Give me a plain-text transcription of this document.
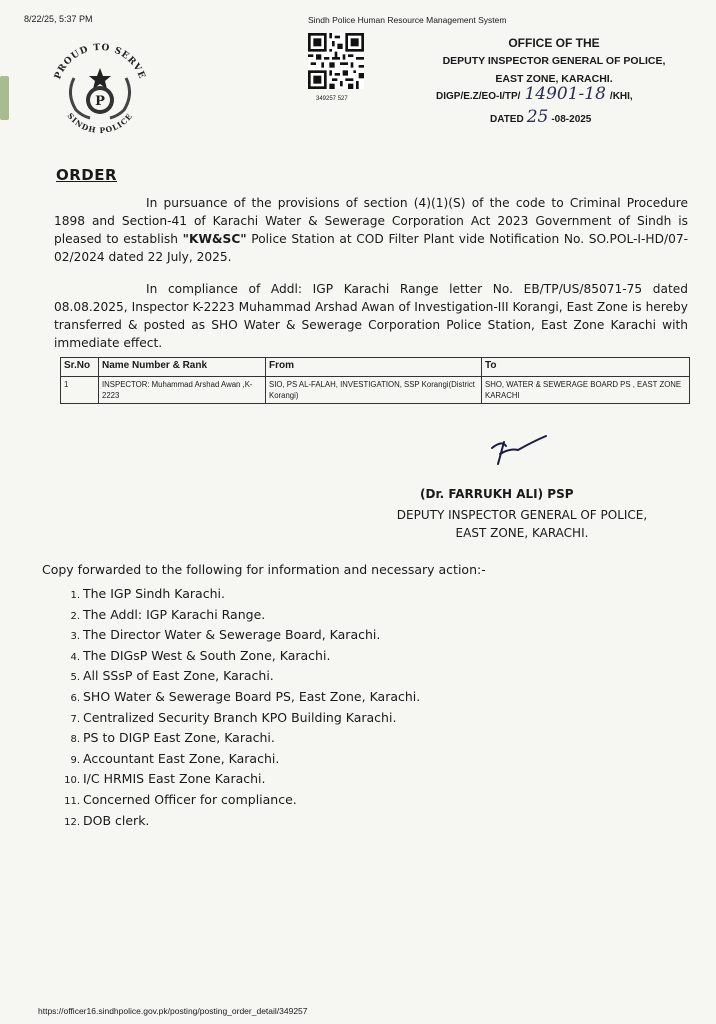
8/22/25, 5:37 PM	Sindh Police Human Resource Management System
349257 527
PROUD TO SERVE
SINDH POLICE
P
OFFICE OF THE
DEPUTY INSPECTOR GENERAL OF POLICE,
EAST ZONE, KARACHI.
DIGP/E.Z/EO-I/TP/ 14901-18 /KHI,
DATED 25 -08-2025
ORDER
In pursuance of the provisions of section (4)(1)(S) of the code to Criminal Procedure 1898 and Section-41 of Karachi Water & Sewerage Corporation Act 2023 Government of Sindh is pleased to establish "KW&SC" Police Station at COD Filter Plant vide Notification No. SO.POL-I-HD/07-02/2024 dated 22 July, 2025.
In compliance of Addl: IGP Karachi Range letter No. EB/TP/US/85071-75 dated 08.08.2025, Inspector K-2223 Muhammad Arshad Awan of Investigation-III Korangi, East Zone is hereby transferred & posted as SHO Water & Sewerage Corporation Police Station, East Zone Karachi with immediate effect.
Sr.No	Name Number & Rank	From	To
1	INSPECTOR: Muhammad Arshad Awan ,K-2223	SIO, PS AL-FALAH, INVESTIGATION, SSP Korangi(District Korangi)	SHO, WATER & SEWERAGE BOARD PS , EAST ZONE KARACHI
(Dr. FARRUKH ALI) PSP
DEPUTY INSPECTOR GENERAL OF POLICE,
EAST ZONE, KARACHI.
Copy forwarded to the following for information and necessary action:-
1. The IGP Sindh Karachi.
2. The Addl: IGP Karachi Range.
3. The Director Water & Sewerage Board, Karachi.
4. The DIGsP West & South Zone, Karachi.
5. All SSsP of East Zone, Karachi.
6. SHO Water & Sewerage Board PS, East Zone, Karachi.
7. Centralized Security Branch KPO Building Karachi.
8. PS to DIGP East Zone, Karachi.
9. Accountant East Zone, Karachi.
10. I/C HRMIS East Zone Karachi.
11. Concerned Officer for compliance.
12. DOB clerk.
https://officer16.sindhpolice.gov.pk/posting/posting_order_detail/349257
